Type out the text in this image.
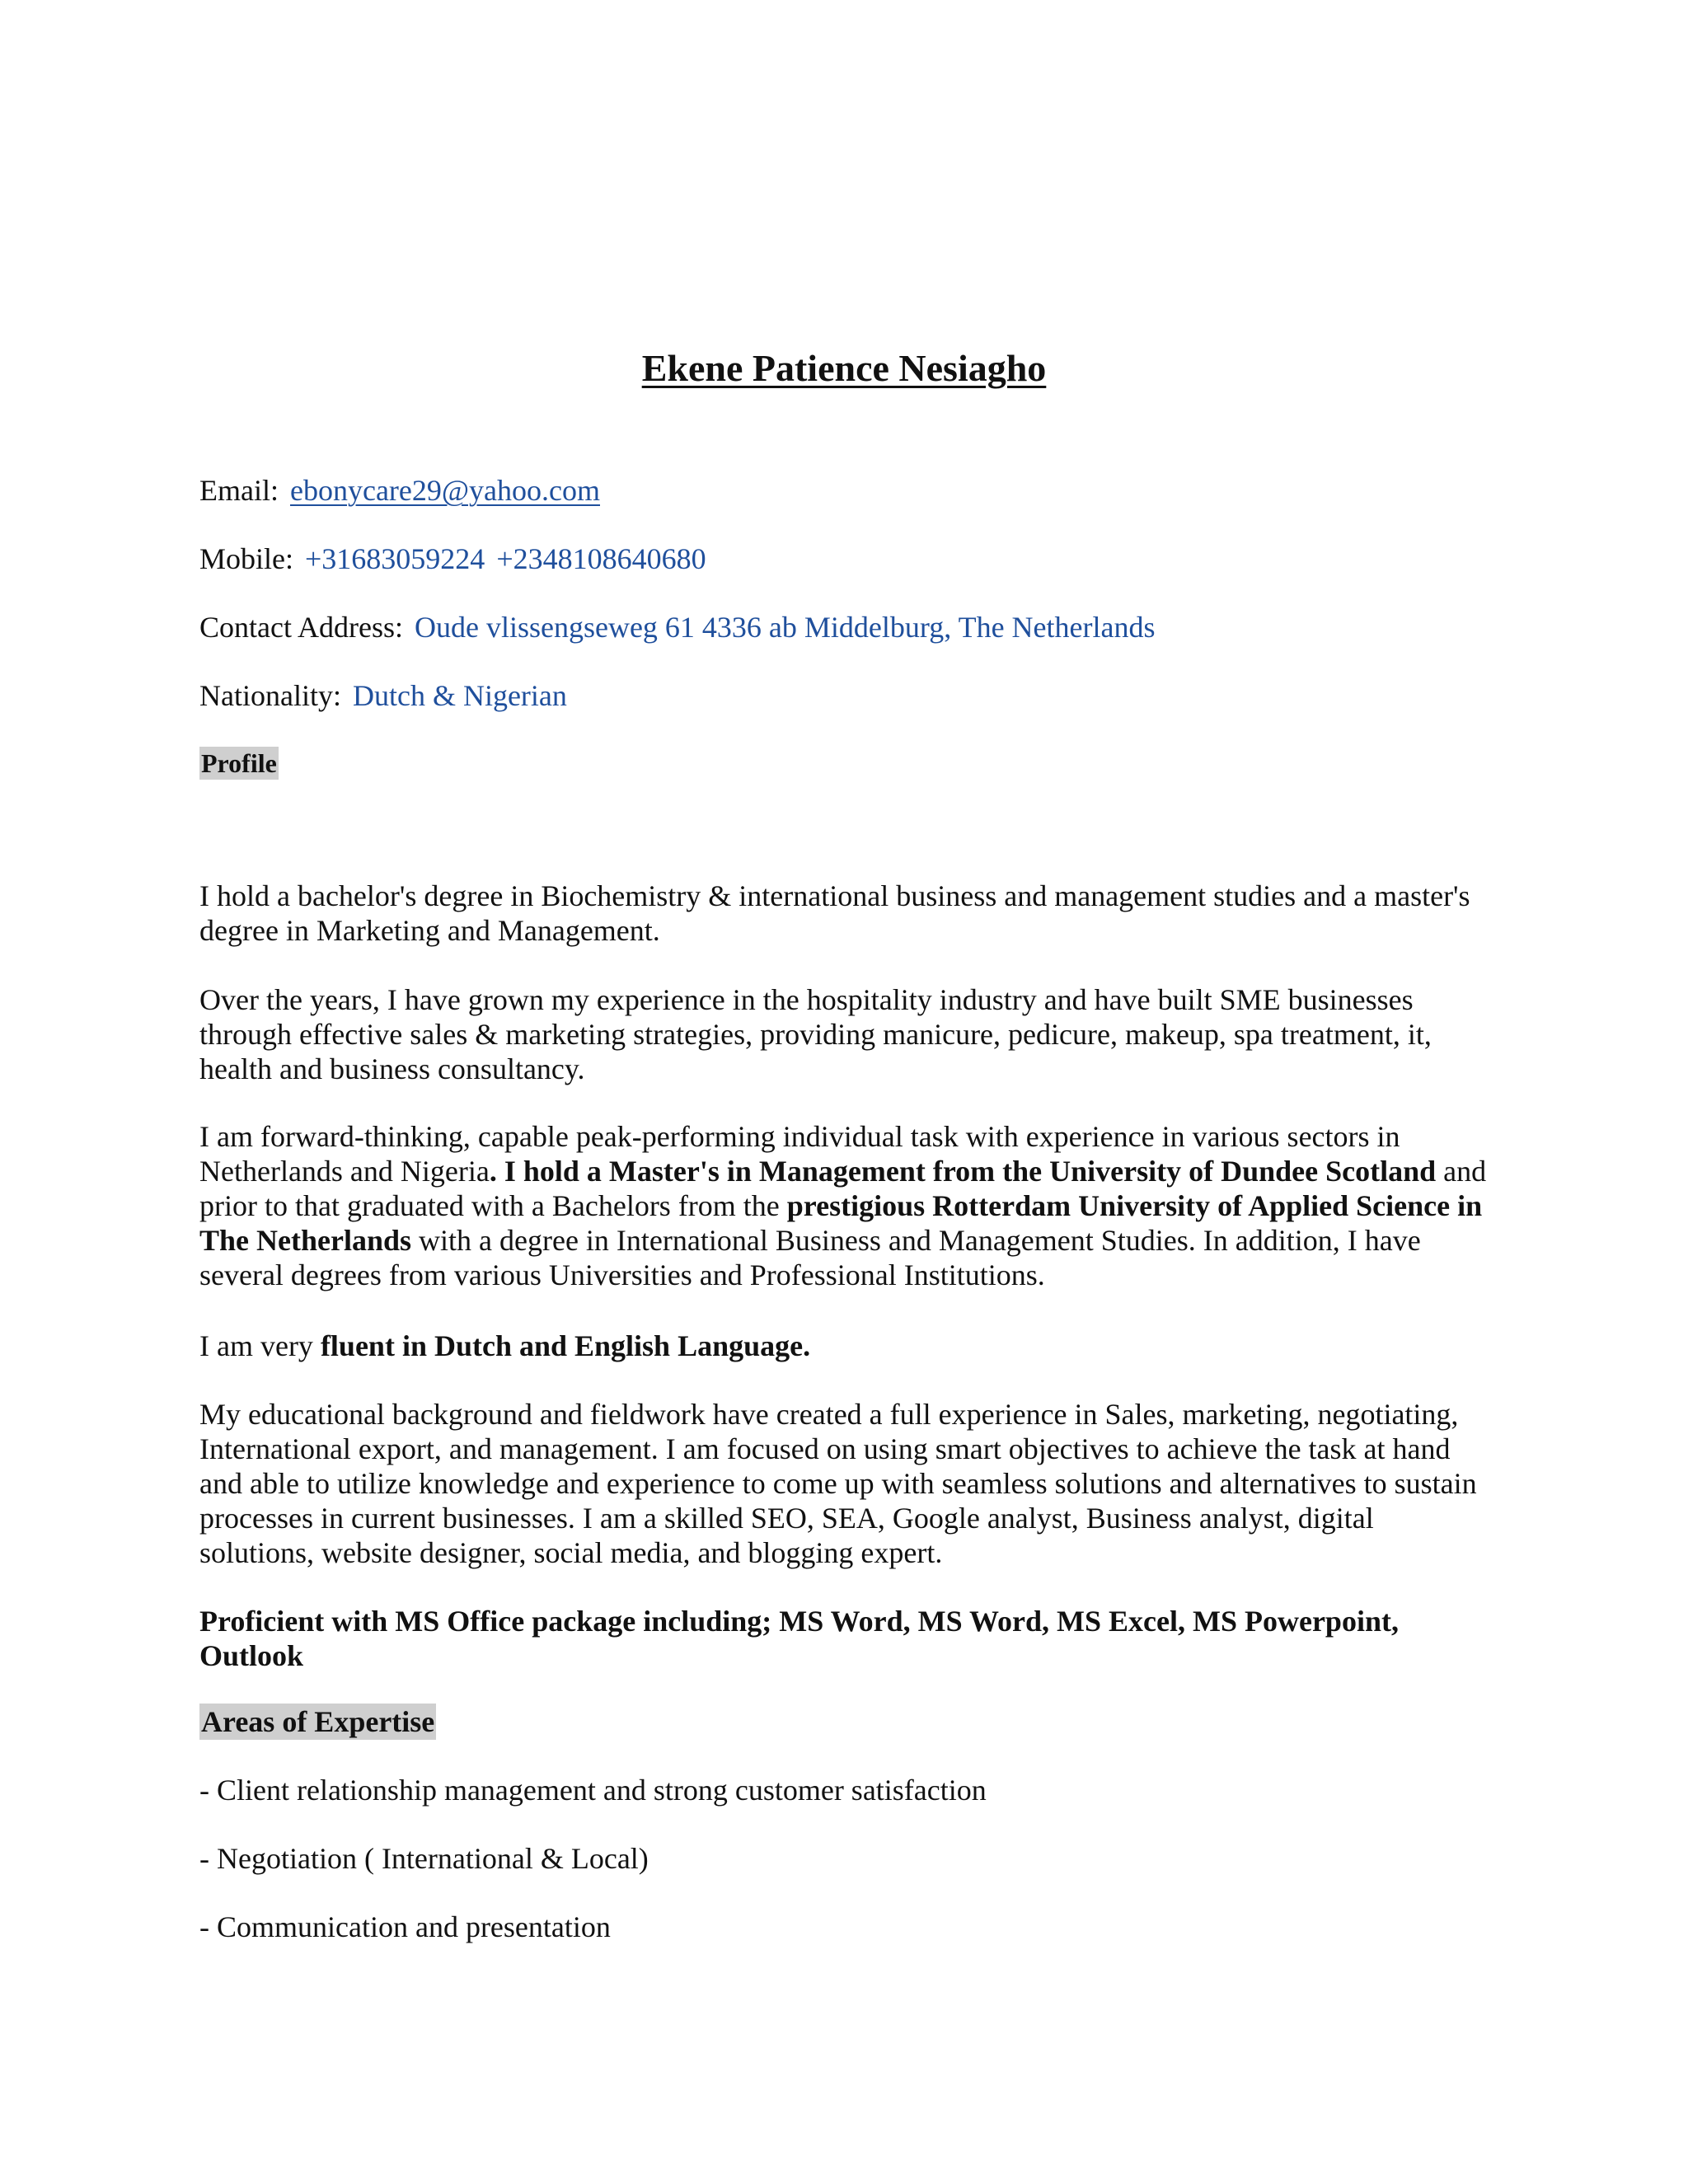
Ekene Patience Nesiagho
Email: ebonycare29@yahoo.com
Mobile: +31683059224 +2348108640680
Contact Address: Oude vlissengseweg 61 4336 ab Middelburg, The Netherlands
Nationality: Dutch & Nigerian
Profile

I hold a bachelor's degree in Biochemistry & international business and management studies and a master's degree in Marketing and Management.

Over the years, I have grown my experience in the hospitality industry and have built SME businesses through effective sales & marketing strategies, providing manicure, pedicure, makeup, spa treatment, it, health and business consultancy.

I am forward-thinking, capable peak-performing individual task with experience in various sectors in Netherlands and Nigeria. I hold a Master's in Management from the University of Dundee Scotland and prior to that graduated with a Bachelors from the prestigious Rotterdam University of Applied Science in The Netherlands with a degree in International Business and Management Studies. In addition, I have several degrees from various Universities and Professional Institutions.

I am very fluent in Dutch and English Language.

My educational background and fieldwork have created a full experience in Sales, marketing, negotiating, International export, and management. I am focused on using smart objectives to achieve the task at hand and able to utilize knowledge and experience to come up with seamless solutions and alternatives to sustain processes in current businesses. I am a skilled SEO, SEA, Google analyst, Business analyst, digital solutions, website designer, social media, and blogging expert.

Proficient with MS Office package including; MS Word, MS Word, MS Excel, MS Powerpoint, Outlook

Areas of Expertise
- Client relationship management and strong customer satisfaction
- Negotiation ( International & Local)
- Communication and presentation
